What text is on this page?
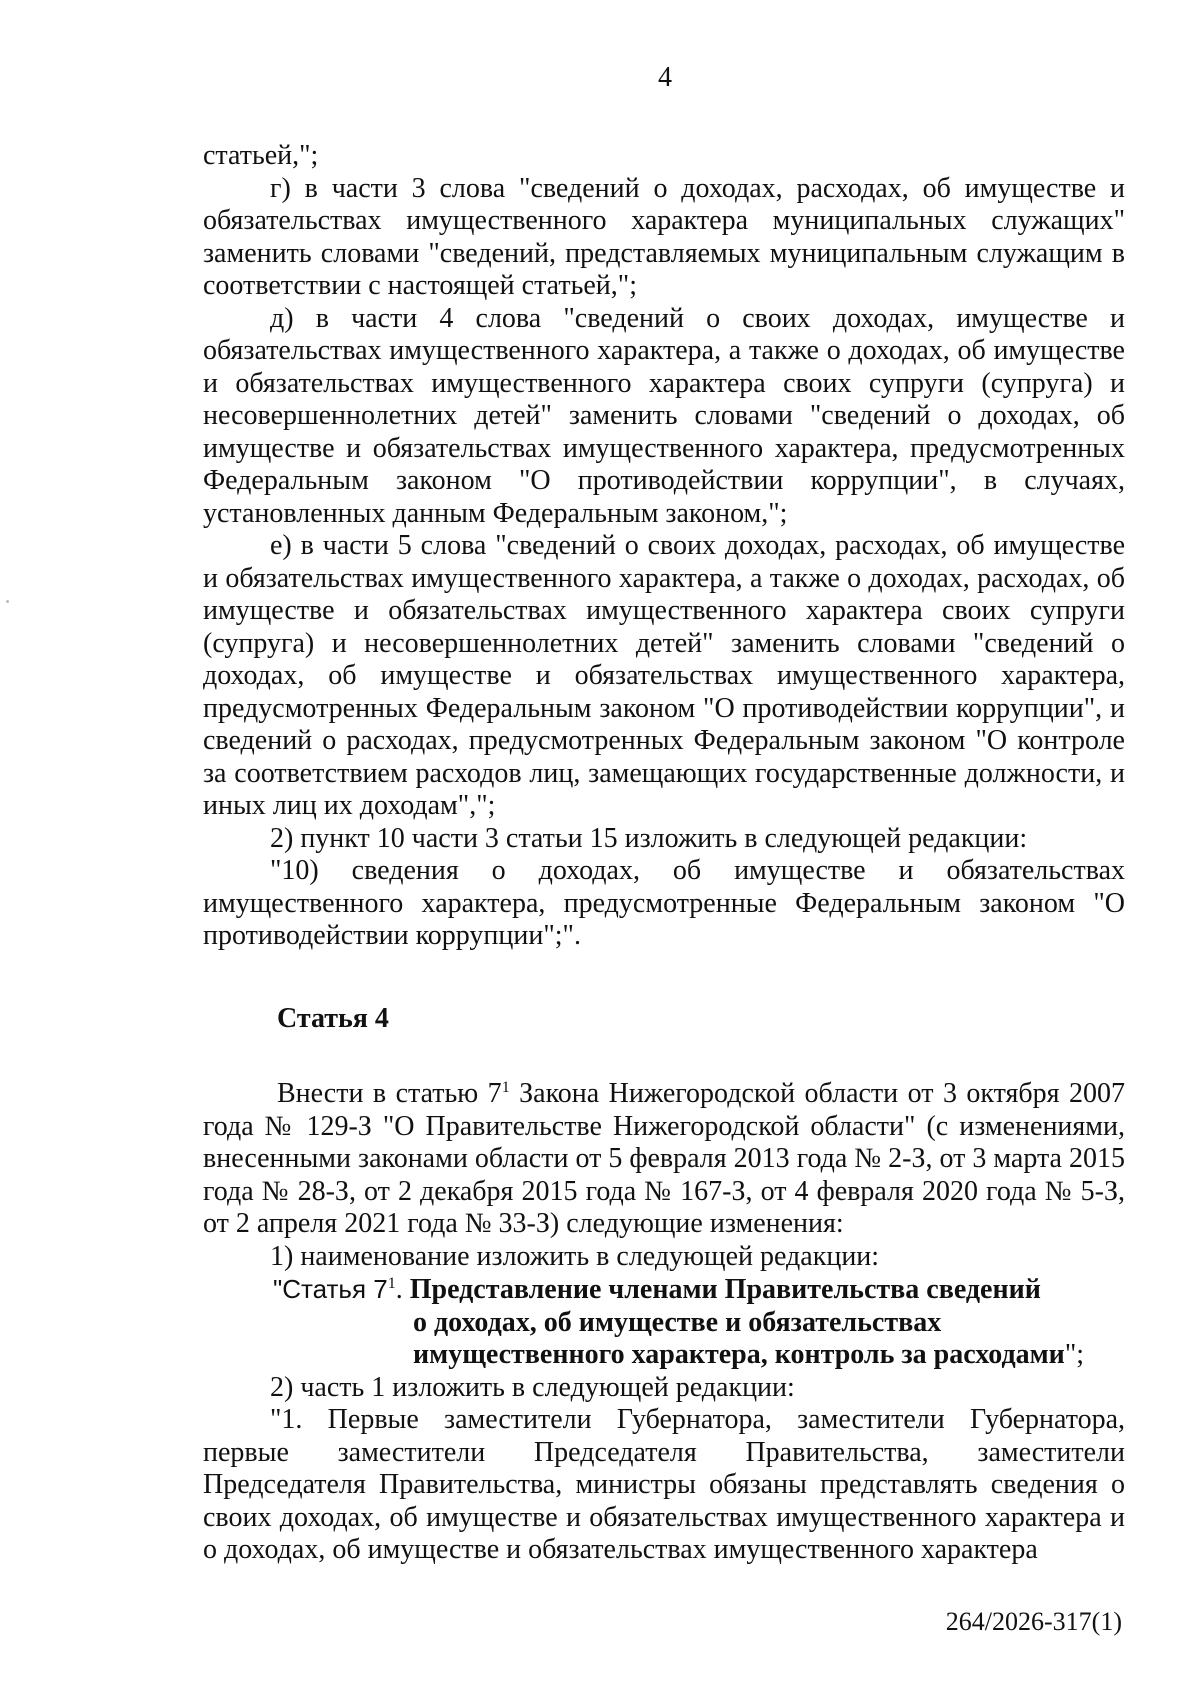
4

статьей,";

г) в части 3 слова "сведений о доходах, расходах, об имуществе и обязательствах имущественного характера муниципальных служащих" заменить словами "сведений, представляемых муниципальным служащим в соответствии с настоящей статьей,";

д) в части 4 слова "сведений о своих доходах, имуществе и обязательствах имущественного характера, а также о доходах, об имуществе и обязательствах имущественного характера своих супруги (супруга) и несовершеннолетних детей" заменить словами "сведений о доходах, об имуществе и обязательствах имущественного характера, предусмотренных Федеральным законом "О противодействии коррупции", в случаях, установленных данным Федеральным законом,";

е) в части 5 слова "сведений о своих доходах, расходах, об имуществе и обязательствах имущественного характера, а также о доходах, расходах, об имуществе и обязательствах имущественного характера своих супруги (супруга) и несовершеннолетних детей" заменить словами "сведений о доходах, об имуществе и обязательствах имущественного характера, предусмотренных Федеральным законом "О противодействии коррупции", и сведений о расходах, предусмотренных Федеральным законом "О контроле за соответствием расходов лиц, замещающих государственные должности, и иных лиц их доходам",";

2) пункт 10 части 3 статьи 15 изложить в следующей редакции:

"10) сведения о доходах, об имуществе и обязательствах имущественного характера, предусмотренные Федеральным законом "О противодействии коррупции";".

Статья 4

Внести в статью $7^1$ Закона Нижегородской области от 3 октября 2007 года № 129-З "О Правительстве Нижегородской области" (с изменениями, внесенными законами области от 5 февраля 2013 года № 2-З, от 3 марта 2015 года № 28-З, от 2 декабря 2015 года № 167-З, от 4 февраля 2020 года № 5-З, от 2 апреля 2021 года № 33-З) следующие изменения:

1) наименование изложить в следующей редакции:

"Статья $7^1$. Представление членами Правительства сведений
о доходах, об имуществе и обязательствах
имущественного характера, контроль за расходами";

2) часть 1 изложить в следующей редакции:

"1. Первые заместители Губернатора, заместители Губернатора, первые заместители Председателя Правительства, заместители Председателя Правительства, министры обязаны представлять сведения о своих доходах, об имуществе и обязательствах имущественного характера и о доходах, об имуществе и обязательствах имущественного характера

264/2026-317(1)
